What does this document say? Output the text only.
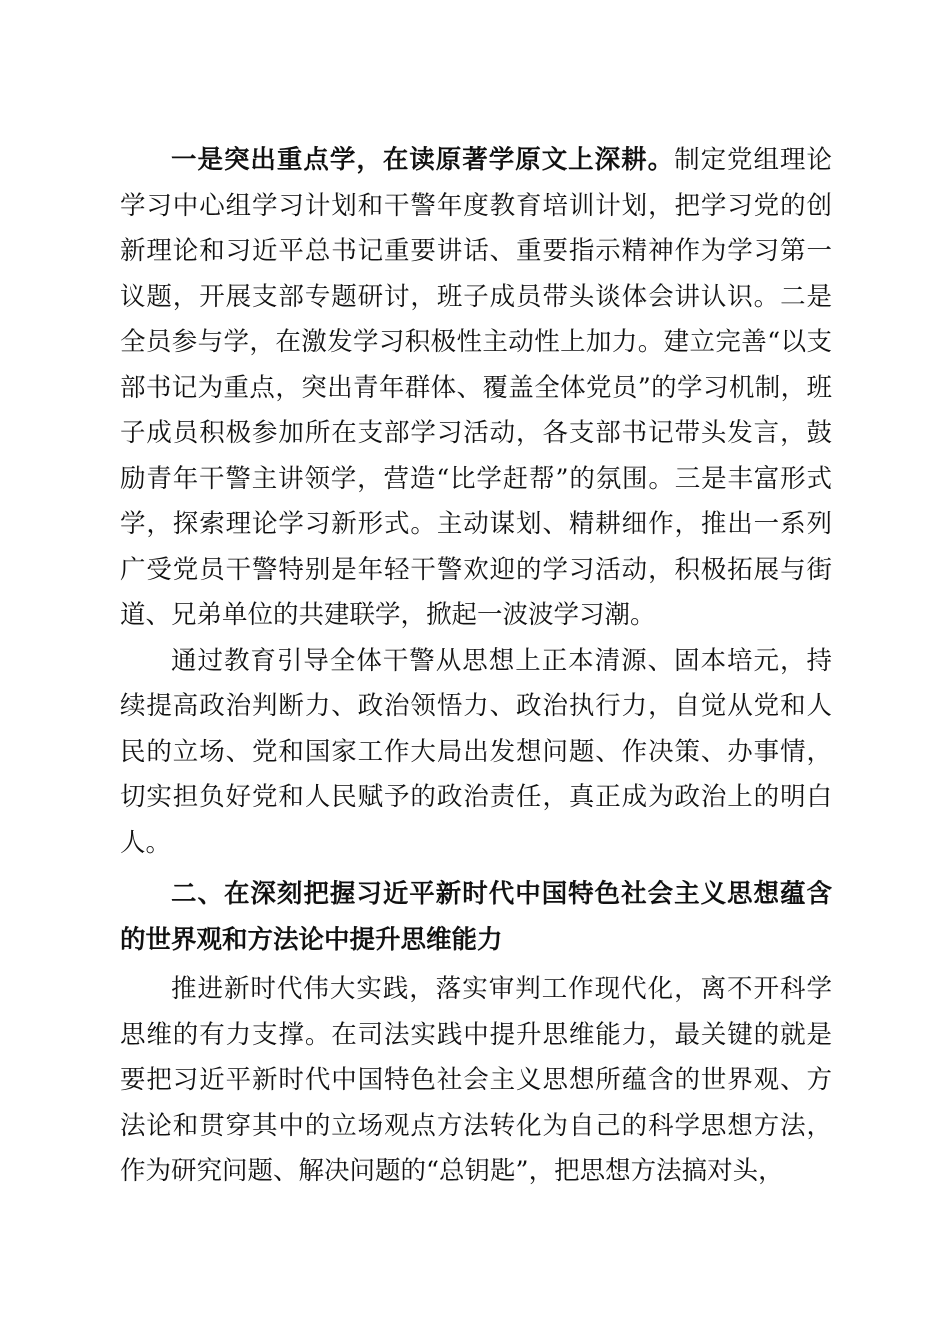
一是突出重点学，在读原著学原文上深耕。制定党组理论学习中心组学习计划和干警年度教育培训计划，把学习党的创新理论和习近平总书记重要讲话、重要指示精神作为学习第一议题，开展支部专题研讨，班子成员带头谈体会讲认识。二是全员参与学，在激发学习积极性主动性上加力。建立完善“以支部书记为重点，突出青年群体、覆盖全体党员”的学习机制，班子成员积极参加所在支部学习活动，各支部书记带头发言，鼓励青年干警主讲领学，营造“比学赶帮”的氛围。三是丰富形式学，探索理论学习新形式。主动谋划、精耕细作，推出一系列广受党员干警特别是年轻干警欢迎的学习活动，积极拓展与街道、兄弟单位的共建联学，掀起一波波学习潮。

通过教育引导全体干警从思想上正本清源、固本培元，持续提高政治判断力、政治领悟力、政治执行力，自觉从党和人民的立场、党和国家工作大局出发想问题、作决策、办事情，切实担负好党和人民赋予的政治责任，真正成为政治上的明白人。

二、在深刻把握习近平新时代中国特色社会主义思想蕴含的世界观和方法论中提升思维能力

推进新时代伟大实践，落实审判工作现代化，离不开科学思维的有力支撑。在司法实践中提升思维能力，最关键的就是要把习近平新时代中国特色社会主义思想所蕴含的世界观、方法论和贯穿其中的立场观点方法转化为自己的科学思想方法，作为研究问题、解决问题的“总钥匙”，把思想方法搞对头，
